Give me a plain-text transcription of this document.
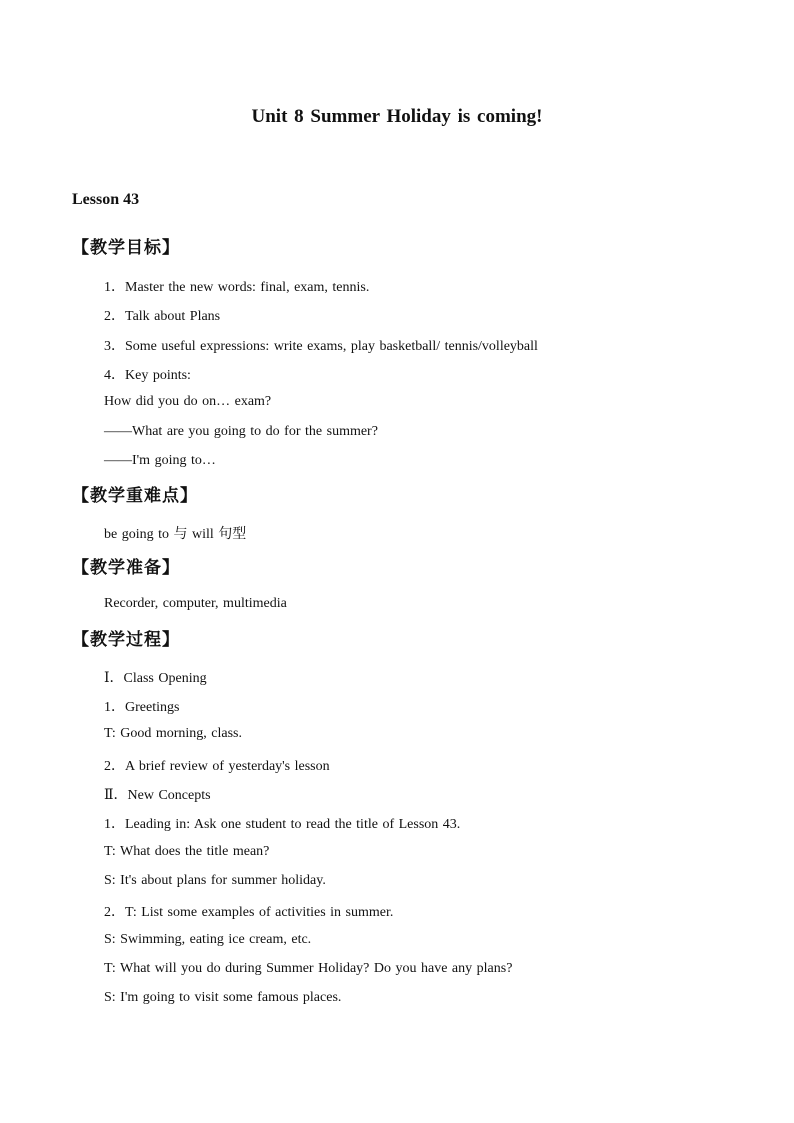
Unit 8 Summer Holiday is coming!
Lesson 43
【教学目标】
1．Master the new words: final, exam, tennis.
2．Talk about Plans
3．Some useful expressions: write exams, play basketball/ tennis/volleyball
4．Key points:
How did you do on… exam?
——What are you going to do for the summer?
——I'm going to…
【教学重难点】
be going to 与 will 句型
【教学准备】
Recorder, computer, multimedia
【教学过程】
Ⅰ．Class Opening
1．Greetings
T: Good morning, class.
2．A brief review of yesterday's lesson
Ⅱ．New Concepts
1．Leading in: Ask one student to read the title of Lesson 43.
T: What does the title mean?
S: It's about plans for summer holiday.
2．T: List some examples of activities in summer.
S: Swimming, eating ice cream, etc.
T: What will you do during Summer Holiday? Do you have any plans?
S: I'm going to visit some famous places.
